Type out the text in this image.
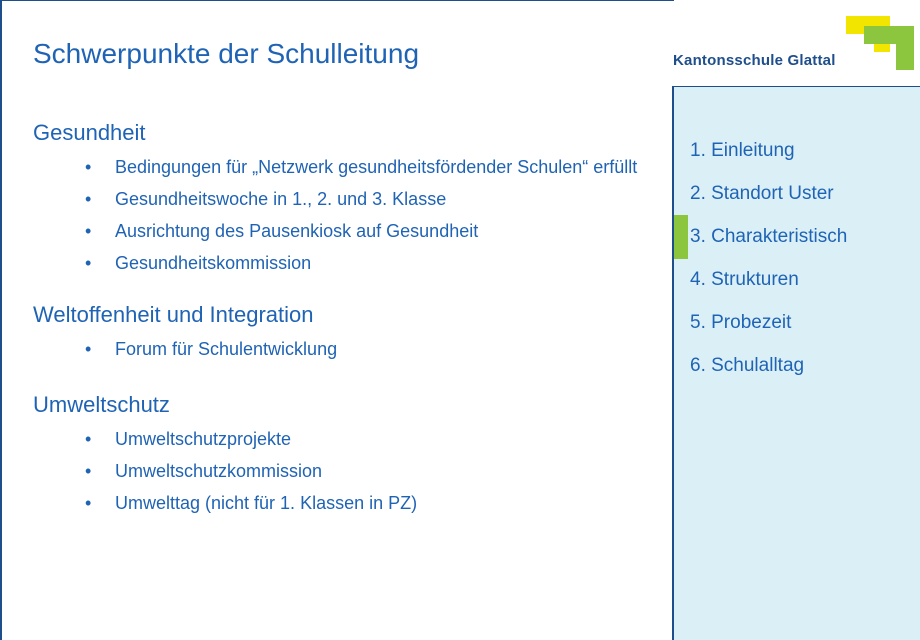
Schwerpunkte der Schulleitung
Gesundheit
• Bedingungen für „Netzwerk gesundheitsfördender Schulen“ erfüllt
• Gesundheitswoche in 1., 2. und 3. Klasse
• Ausrichtung des Pausenkiosk auf Gesundheit
• Gesundheitskommission
Weltoffenheit und Integration
• Forum für Schulentwicklung
Umweltschutz
• Umweltschutzprojekte
• Umweltschutzkommission
• Umwelttag (nicht für 1. Klassen in PZ)
Kantonsschule Glattal
1. Einleitung
2. Standort Uster
3. Charakteristisch
4. Strukturen
5. Probezeit
6. Schulalltag
